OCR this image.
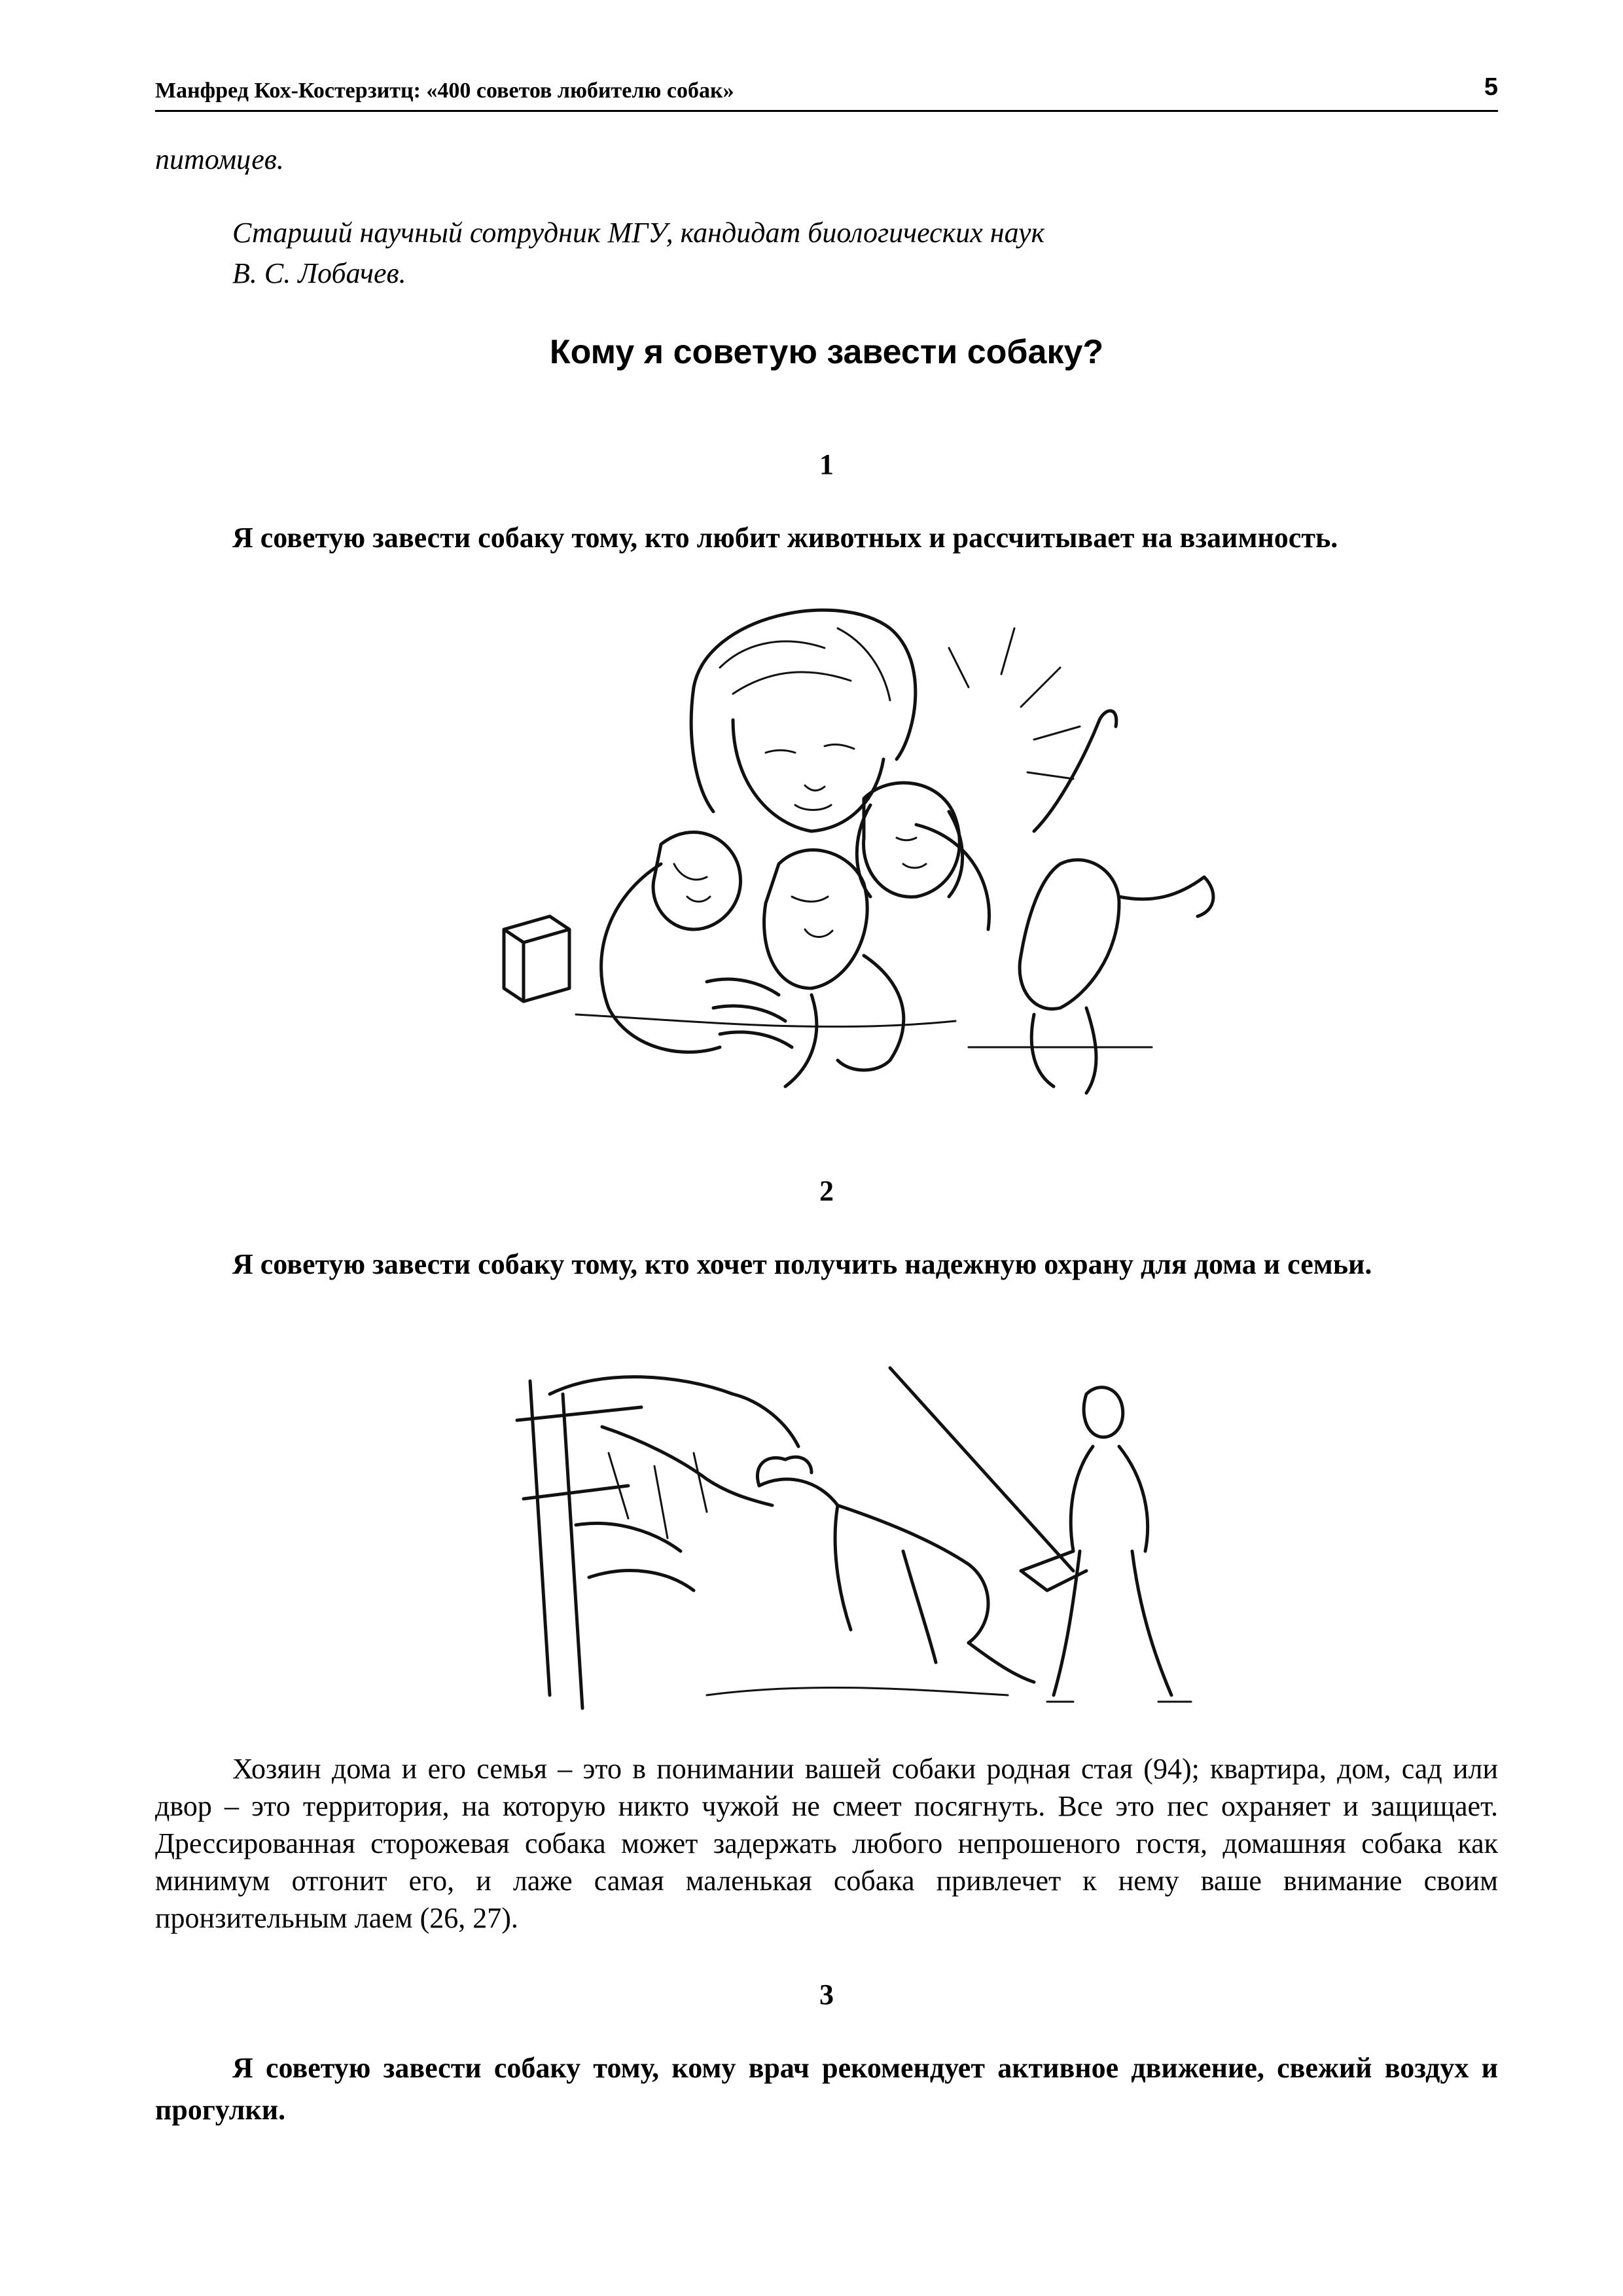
Манфред Кох-Костерзитц: «400 советов любителю собак»	5
питомцев.
Старший научный сотрудник МГУ, кандидат биологических наук
В. С. Лобачев.
Кому я советую завести собаку?
1
Я советую завести собаку тому, кто любит животных и рассчитывает на взаимность.
2
Я советую завести собаку тому, кто хочет получить надежную охрану для дома и семьи.
Хозяин дома и его семья – это в понимании вашей собаки родная стая (94); квартира, дом, сад или двор – это территория, на которую никто чужой не смеет посягнуть. Все это пес охраняет и защищает. Дрессированная сторожевая собака может задержать любого непрошеного гостя, домашняя собака как минимум отгонит его, и лаже самая маленькая собака привлечет к нему ваше внимание своим пронзительным лаем (26, 27).
3
Я советую завести собаку тому, кому врач рекомендует активное движение, свежий воздух и прогулки.
